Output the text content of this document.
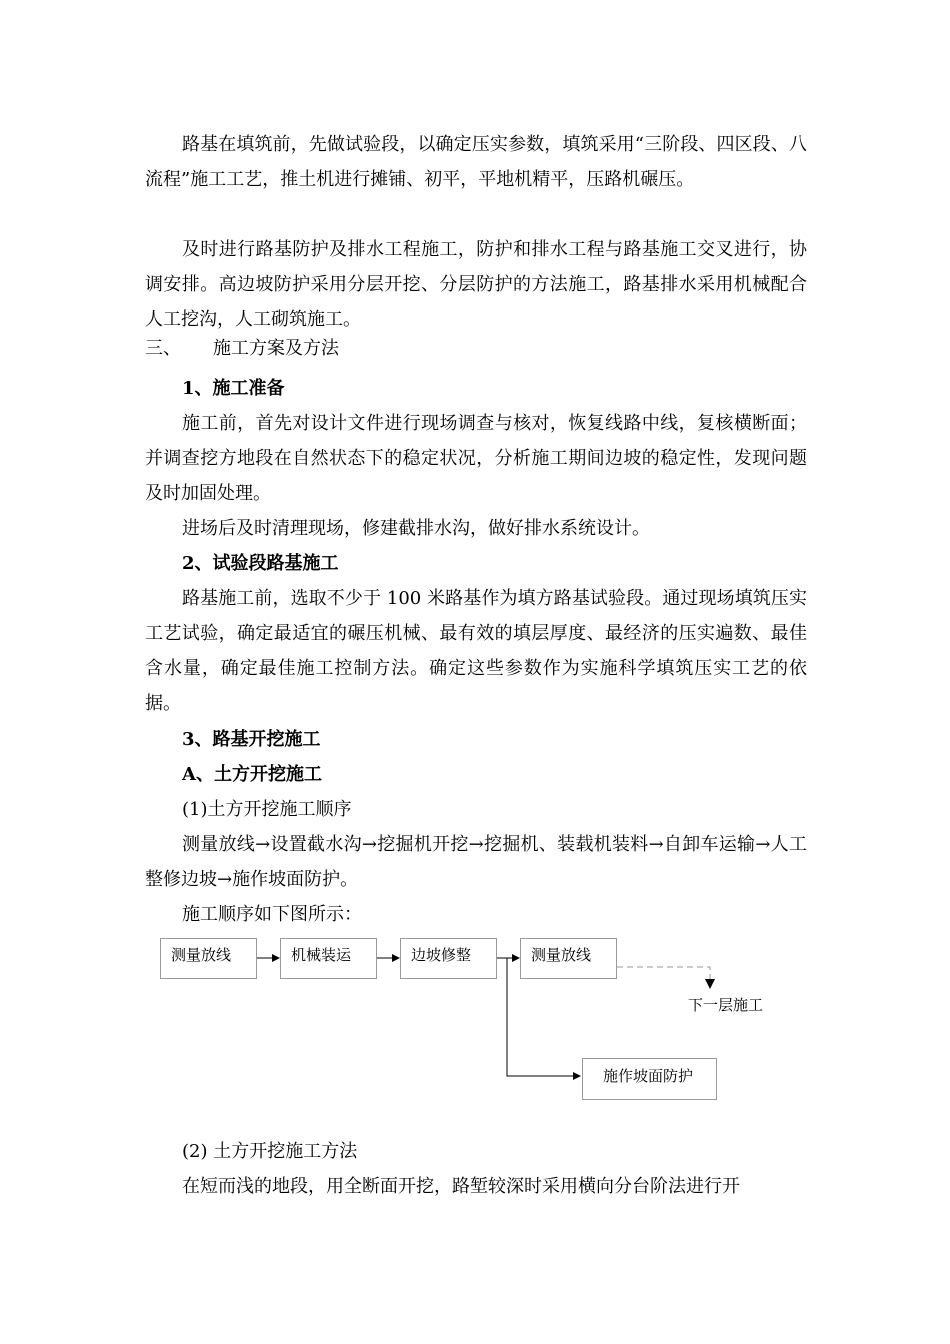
路基在填筑前，先做试验段，以确定压实参数，填筑采用“三阶段、四区段、八流程”施工工艺，推土机进行摊铺、初平，平地机精平，压路机碾压。

及时进行路基防护及排水工程施工，防护和排水工程与路基施工交叉进行，协调安排。高边坡防护采用分层开挖、分层防护的方法施工，路基排水采用机械配合人工挖沟，人工砌筑施工。

三、 施工方案及方法

1、施工准备

施工前，首先对设计文件进行现场调查与核对，恢复线路中线，复核横断面；并调查挖方地段在自然状态下的稳定状况，分析施工期间边坡的稳定性，发现问题及时加固处理。

进场后及时清理现场，修建截排水沟，做好排水系统设计。

2、试验段路基施工

路基施工前，选取不少于 100 米路基作为填方路基试验段。通过现场填筑压实工艺试验，确定最适宜的碾压机械、最有效的填层厚度、最经济的压实遍数、最佳含水量，确定最佳施工控制方法。确定这些参数作为实施科学填筑压实工艺的依据。

3、路基开挖施工

A、土方开挖施工

(1)土方开挖施工顺序

测量放线→设置截水沟→挖掘机开挖→挖掘机、装载机装料→自卸车运输→人工整修边坡→施作坡面防护。

施工顺序如下图所示：

测量放线	机械装运	边坡修整	测量放线
下一层施工
施作坡面防护

(2) 土方开挖施工方法

在短而浅的地段，用全断面开挖，路堑较深时采用横向分台阶法进行开
